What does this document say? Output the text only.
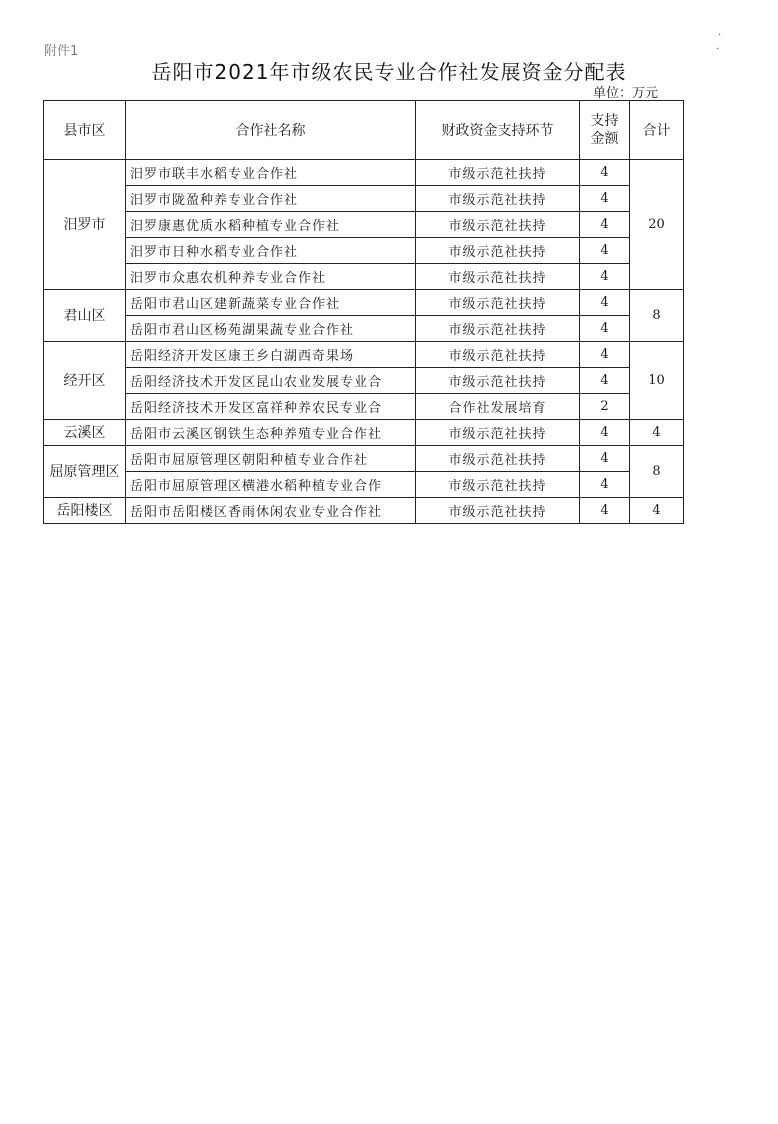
附件1
岳阳市2021年市级农民专业合作社发展资金分配表
单位：万元
·
·
县市区	合作社名称	财政资金支持环节	支持金额	合计
汨罗市	汨罗市联丰水稻专业合作社	市级示范社扶持	4	20
	汨罗市陇盈种养专业合作社	市级示范社扶持	4	
	汨罗康惠优质水稻种植专业合作社	市级示范社扶持	4	
	汨罗市日种水稻专业合作社	市级示范社扶持	4	
	汨罗市众惠农机种养专业合作社	市级示范社扶持	4	
君山区	岳阳市君山区建新蔬菜专业合作社	市级示范社扶持	4	8
	岳阳市君山区杨苑湖果蔬专业合作社	市级示范社扶持	4	
经开区	岳阳经济开发区康王乡白湖西奇果场	市级示范社扶持	4	10
	岳阳经济技术开发区昆山农业发展专业合	市级示范社扶持	4	
	岳阳经济技术开发区富祥种养农民专业合	合作社发展培育	2	
云溪区	岳阳市云溪区钢铁生态种养殖专业合作社	市级示范社扶持	4	4
屈原管理区	岳阳市屈原管理区朝阳种植专业合作社	市级示范社扶持	4	8
	岳阳市屈原管理区横港水稻种植专业合作	市级示范社扶持	4	
岳阳楼区	岳阳市岳阳楼区香雨休闲农业专业合作社	市级示范社扶持	4	4
